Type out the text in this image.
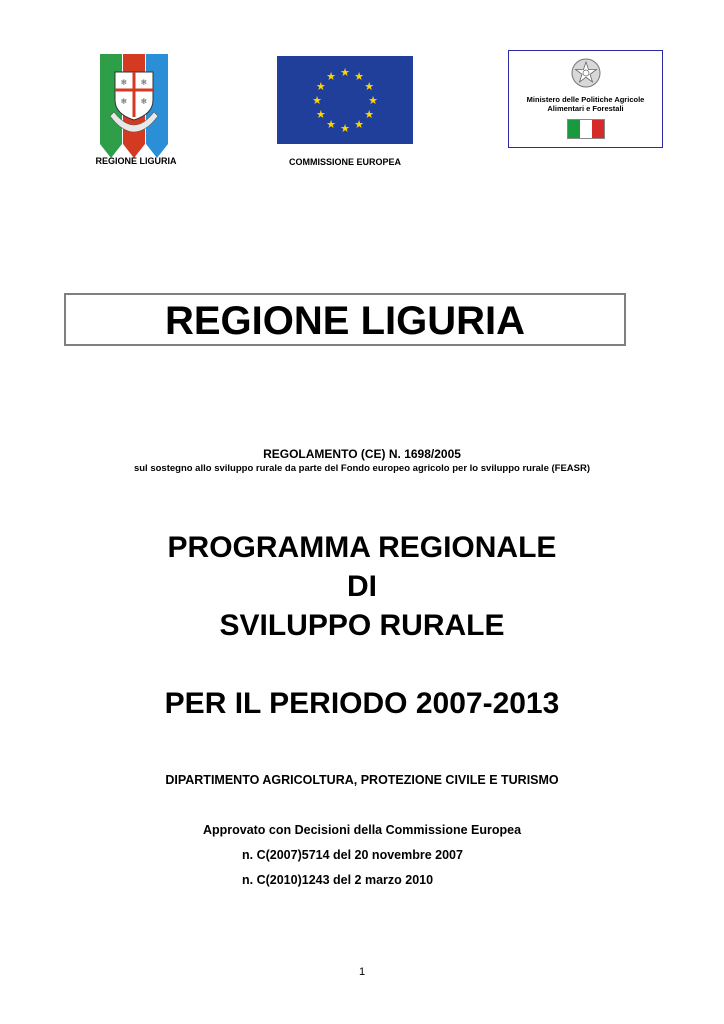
❄ ❄
❄ ❄
REGIONE LIGURIA
★ ★
★
★
★
★
★
★
★
★
★
★
COMMISSIONE EUROPEA
Ministero delle Politiche Agricole
Alimentari e Forestali
REGIONE LIGURIA
REGOLAMENTO (CE) N. 1698/2005
sul sostegno allo sviluppo rurale da parte del Fondo europeo agricolo per lo sviluppo rurale (FEASR)
PROGRAMMA REGIONALE
DI
SVILUPPO RURALE
PER IL PERIODO 2007-2013
DIPARTIMENTO AGRICOLTURA, PROTEZIONE CIVILE E TURISMO
Approvato con Decisioni della Commissione Europea
n. C(2007)5714 del 20 novembre 2007
n. C(2010)1243 del 2 marzo 2010
1
